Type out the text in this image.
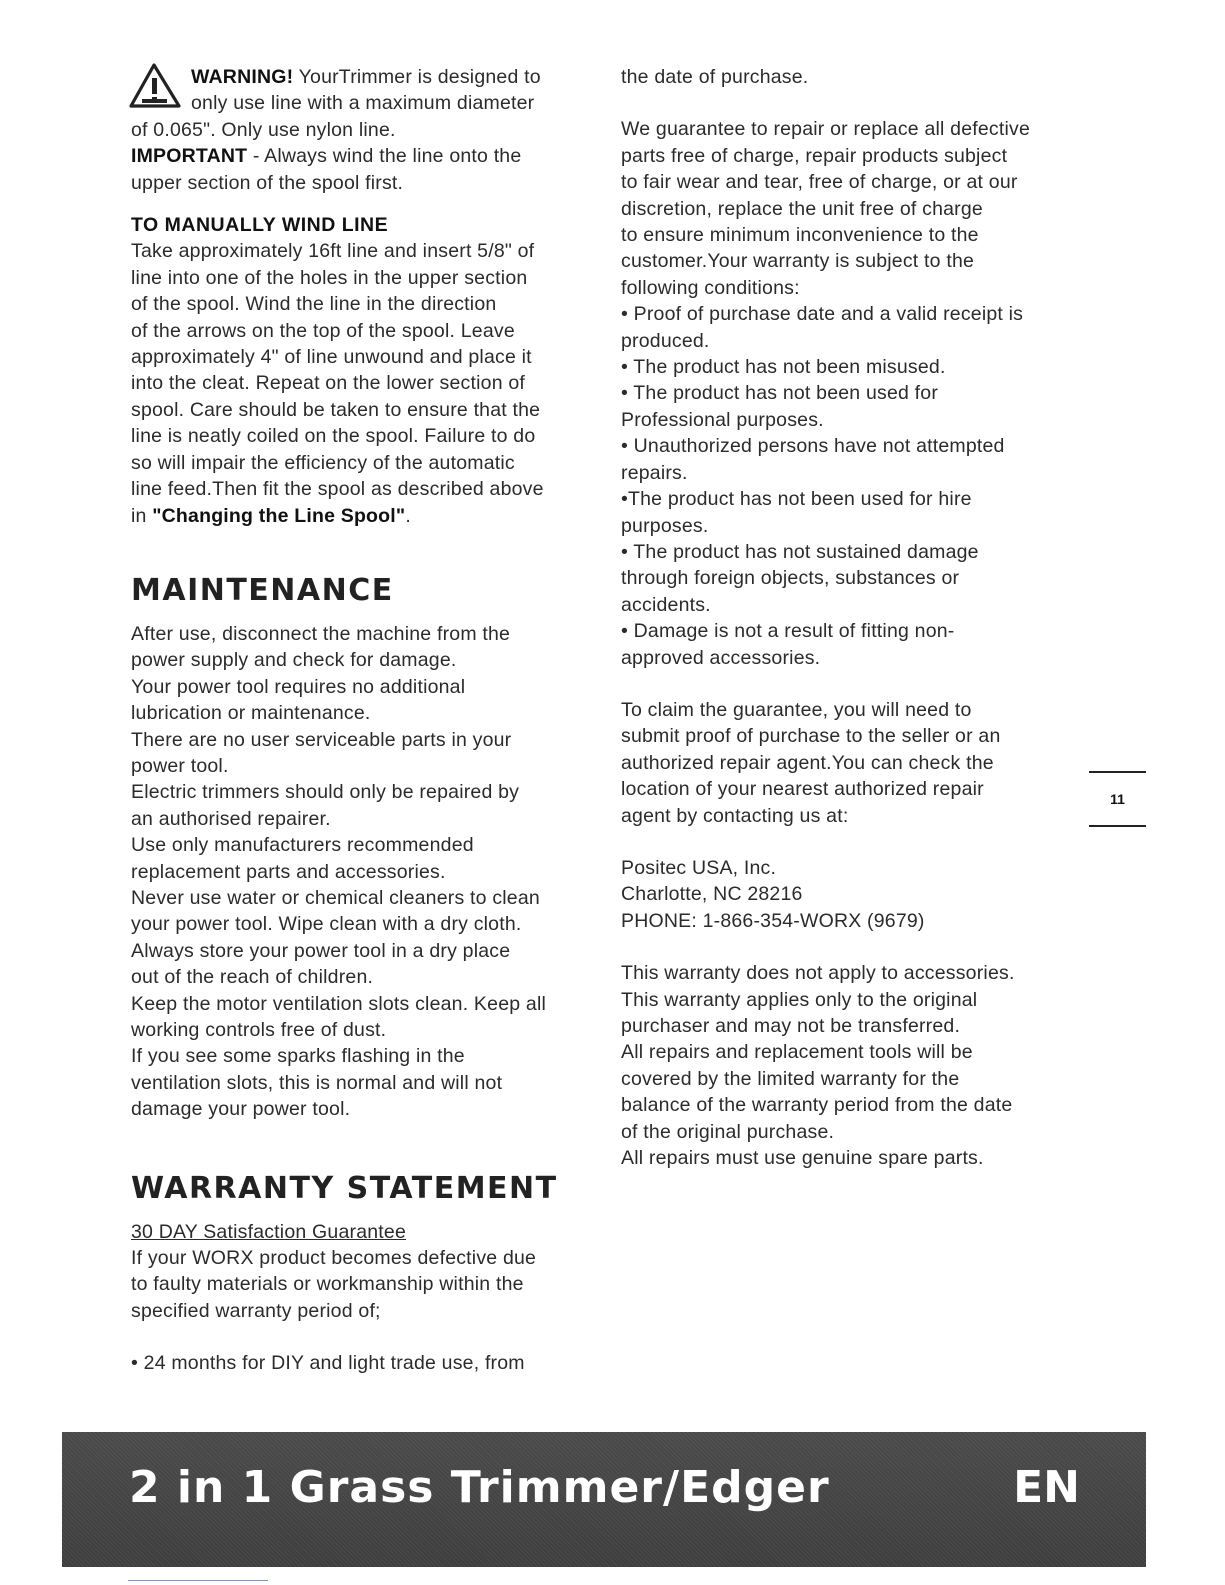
WARNING! YourTrimmer is designed to

only use line with a maximum diameter

of 0.065". Only use nylon line.

IMPORTANT - Always wind the line onto the

upper section of the spool first.

TO MANUALLY WIND LINE

Take approximately 16ft line and insert 5/8" of

line into one of the holes in the upper section

of the spool. Wind the line in the direction

of the arrows on the top of the spool. Leave

approximately 4" of line unwound and place it

into the cleat. Repeat on the lower section of

spool. Care should be taken to ensure that the

line is neatly coiled on the spool. Failure to do

so will impair the efficiency of the automatic

line feed.Then fit the spool as described above

in "Changing the Line Spool".

MAINTENANCE

After use, disconnect the machine from the

power supply and check for damage.

Your power tool requires no additional

lubrication or maintenance.

There are no user serviceable parts in your

power tool.

Electric trimmers should only be repaired by

an authorised repairer.

Use only manufacturers recommended

replacement parts and accessories.

Never use water or chemical cleaners to clean

your power tool. Wipe clean with a dry cloth.

Always store your power tool in a dry place

out of the reach of children.

Keep the motor ventilation slots clean. Keep all

working controls free of dust.

If you see some sparks flashing in the

ventilation slots, this is normal and will not

damage your power tool.

WARRANTY STATEMENT

30 DAY Satisfaction Guarantee

If your WORX product becomes defective due

to faulty materials or workmanship within the

specified warranty period of;

• 24 months for DIY and light trade use, from

the date of purchase.

We guarantee to repair or replace all defective

parts free of charge, repair products subject

to fair wear and tear, free of charge, or at our

discretion, replace the unit free of charge

to ensure minimum inconvenience to the

customer.Your warranty is subject to the

following conditions:

• Proof of purchase date and a valid receipt is

produced.

• The product has not been misused.

• The product has not been used for

Professional purposes.

• Unauthorized persons have not attempted

repairs.

•The product has not been used for hire

purposes.

• The product has not sustained damage

through foreign objects, substances or

accidents.

• Damage is not a result of fitting non-

approved accessories.

To claim the guarantee, you will need to

submit proof of purchase to the seller or an

authorized repair agent.You can check the

location of your nearest authorized repair

agent by contacting us at:

Positec USA, Inc.

Charlotte, NC 28216

PHONE: 1-866-354-WORX (9679)

This warranty does not apply to accessories.

This warranty applies only to the original

purchaser and may not be transferred.

All repairs and replacement tools will be

covered by the limited warranty for the

balance of the warranty period from the date

of the original purchase.

All repairs must use genuine spare parts.

11
2 in 1 Grass Trimmer/Edger	EN
